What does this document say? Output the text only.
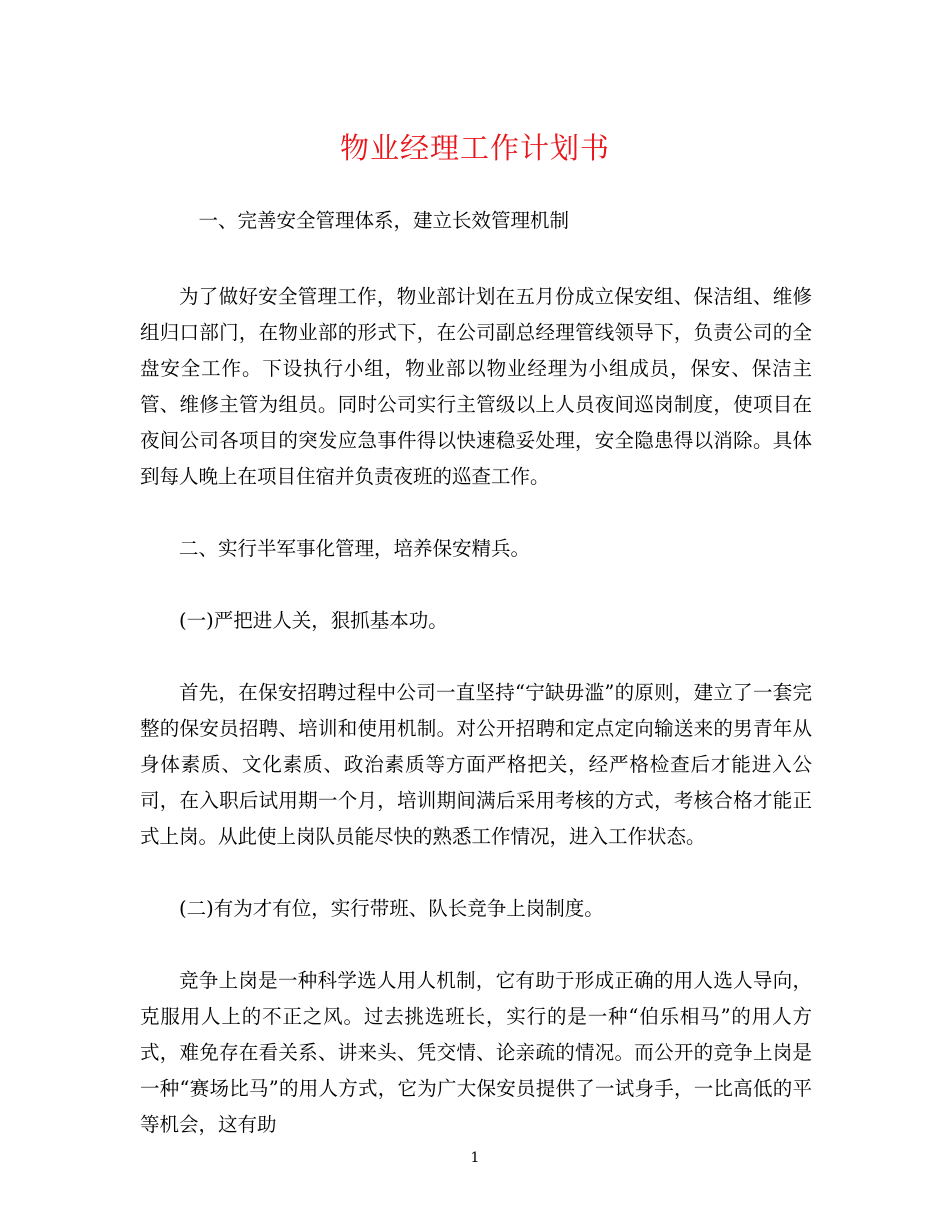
物业经理工作计划书
　一、完善安全管理体系，建立长效管理机制
为了做好安全管理工作，物业部计划在五月份成立保安组、保洁组、维修组归口部门，在物业部的形式下，在公司副总经理管线领导下，负责公司的全盘安全工作。下设执行小组，物业部以物业经理为小组成员，保安、保洁主管、维修主管为组员。同时公司实行主管级以上人员夜间巡岗制度，使项目在夜间公司各项目的突发应急事件得以快速稳妥处理，安全隐患得以消除。具体到每人晚上在项目住宿并负责夜班的巡查工作。
二、实行半军事化管理，培养保安精兵。
(一)严把进人关，狠抓基本功。
首先，在保安招聘过程中公司一直坚持“宁缺毋滥”的原则，建立了一套完整的保安员招聘、培训和使用机制。对公开招聘和定点定向输送来的男青年从身体素质、文化素质、政治素质等方面严格把关，经严格检查后才能进入公司，在入职后试用期一个月，培训期间满后采用考核的方式，考核合格才能正式上岗。从此使上岗队员能尽快的熟悉工作情况，进入工作状态。
(二)有为才有位，实行带班、队长竞争上岗制度。
竞争上岗是一种科学选人用人机制，它有助于形成正确的用人选人导向，克服用人上的不正之风。过去挑选班长，实行的是一种“伯乐相马”的用人方式，难免存在看关系、讲来头、凭交情、论亲疏的情况。而公开的竞争上岗是一种“赛场比马”的用人方式，它为广大保安员提供了一试身手，一比高低的平等机会，这有助
1
